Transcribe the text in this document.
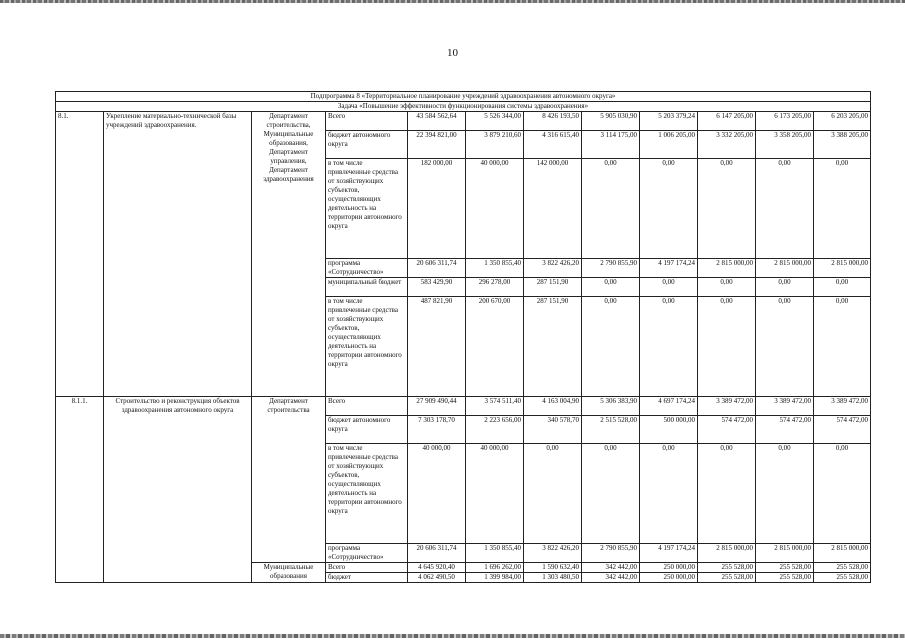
10
Подпрограмма 8 «Территориальное планирование учреждений здравоохранения автономного округа»											
Задача «Повышение эффективности функционирования системы здравоохранения»											
8.1.	Укрепление материально-технической базы учреждений здравоохранения.	Департамент строительства, Муниципальные образования, Департамент управления, Департамент здравоохранения	Всего	43 584 562,64	5 526 344,00	8 426 193,50	5 905 030,90	5 203 379,24	6 147 205,00	6 173 205,00	6 203 205,00
			бюджет автономного округа	22 394 821,00	3 879 210,60	4 316 615,40	3 114 175,00	1 006 205,00	3 332 205,00	3 358 205,00	3 388 205,00
			в том числе привлеченные средства от хозяйствующих субъектов, осуществляющих деятельность на территории автономного округа	182 000,00	40 000,00	142 000,00	0,00	0,00	0,00	0,00	0,00
			программа «Сотрудничество»	20 606 311,74	1 350 855,40	3 822 426,20	2 790 855,90	4 197 174,24	2 815 000,00	2 815 000,00	2 815 000,00
			муниципальный бюджет	583 429,90	296 278,00	287 151,90	0,00	0,00	0,00	0,00	0,00
			в том числе привлеченные средства от хозяйствующих субъектов, осуществляющих деятельность на территории автономного округа	487 821,90	200 670,00	287 151,90	0,00	0,00	0,00	0,00	0,00
8.1.1.	Строительство и реконструкция объектов здравоохранения автономного округа	Департамент строительства	Всего	27 909 490,44	3 574 511,40	4 163 004,90	5 306 383,90	4 697 174,24	3 389 472,00	3 389 472,00	3 389 472,00
			бюджет автономного округа	7 303 178,70	2 223 656,00	340 578,70	2 515 528,00	500 000,00	574 472,00	574 472,00	574 472,00
			в том числе привлеченные средства от хозяйствующих субъектов, осуществляющих деятельность на территории автономного округа	40 000,00	40 000,00	0,00	0,00	0,00	0,00	0,00	0,00
			программа «Сотрудничество»	20 606 311,74	1 350 855,40	3 822 426,20	2 790 855,90	4 197 174,24	2 815 000,00	2 815 000,00	2 815 000,00
		Муниципальные образования	Всего	4 645 920,40	1 696 262,00	1 590 632,40	342 442,00	250 000,00	255 528,00	255 528,00	255 528,00
			бюджет	4 062 490,50	1 399 984,00	1 303 480,50	342 442,00	250 000,00	255 528,00	255 528,00	255 528,00
